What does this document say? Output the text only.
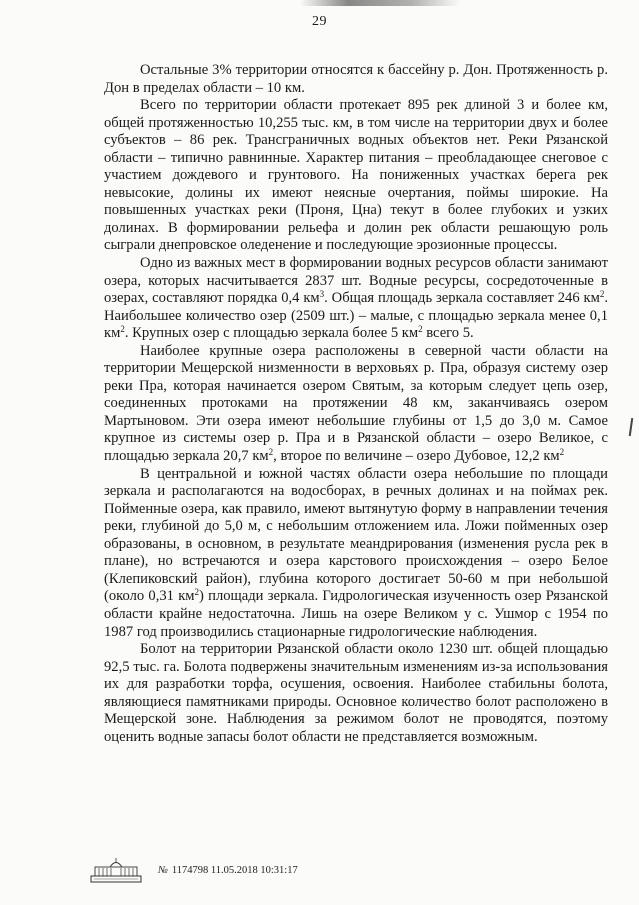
29

Остальные 3% территории относятся к бассейну р. Дон. Протяженность р. Дон в пределах области – 10 км.

Всего по территории области протекает 895 рек длиной 3 и более км, общей протяженностью 10,255 тыс. км, в том числе на территории двух и более субъектов – 86 рек. Трансграничных водных объектов нет. Реки Рязанской области – типично равнинные. Характер питания – преобладающее снеговое с участием дождевого и грунтового. На пониженных участках берега рек невысокие, долины их имеют неясные очертания, поймы широкие. На повышенных участках реки (Проня, Цна) текут в более глубоких и узких долинах. В формировании рельефа и долин рек области решающую роль сыграли днепровское оледенение и последующие эрозионные процессы.

Одно из важных мест в формировании водных ресурсов области занимают озера, которых насчитывается 2837 шт. Водные ресурсы, сосредоточенные в озерах, составляют порядка 0,4 $км^3$. Общая площадь зеркала составляет 246 $км^2$. Наибольшее количество озер (2509 шт.) – малые, с площадью зеркала менее 0,1 $км^2$. Крупных озер с площадью зеркала более 5 $км^2$ всего 5.

Наиболее крупные озера расположены в северной части области на территории Мещерской низменности в верховьях р. Пра, образуя систему озер реки Пра, которая начинается озером Святым, за которым следует цепь озер, соединенных протоками на протяжении 48 км, заканчиваясь озером Мартыновом. Эти озера имеют небольшие глубины от 1,5 до 3,0 м. Самое крупное из системы озер р. Пра и в Рязанской области – озеро Великое, с площадью зеркала 20,7 $км^2$, второе по величине – озеро Дубовое, 12,2 $км^2$

В центральной и южной частях области озера небольшие по площади зеркала и располагаются на водосборах, в речных долинах и на поймах рек. Пойменные озера, как правило, имеют вытянутую форму в направлении течения реки, глубиной до 5,0 м, с небольшим отложением ила. Ложи пойменных озер образованы, в основном, в результате меандрирования (изменения русла рек в плане), но встречаются и озера карстового происхождения – озеро Белое (Клепиковский район), глубина которого достигает 50-60 м при небольшой (около 0,31 $км^2$) площади зеркала. Гидрологическая изученность озер Рязанской области крайне недостаточна. Лишь на озере Великом у с. Ушмор с 1954 по 1987 год производились стационарные гидрологические наблюдения.

Болот на территории Рязанской области около 1230 шт. общей площадью 92,5 тыс. га. Болота подвержены значительным изменениям из-за использования их для разработки торфа, осушения, освоения. Наиболее стабильны болота, являющиеся памятниками природы. Основное количество болот расположено в Мещерской зоне. Наблюдения за режимом болот не проводятся, поэтому оценить водные запасы болот области не представляется возможным.

№ 1174798 11.05.2018 10:31:17
